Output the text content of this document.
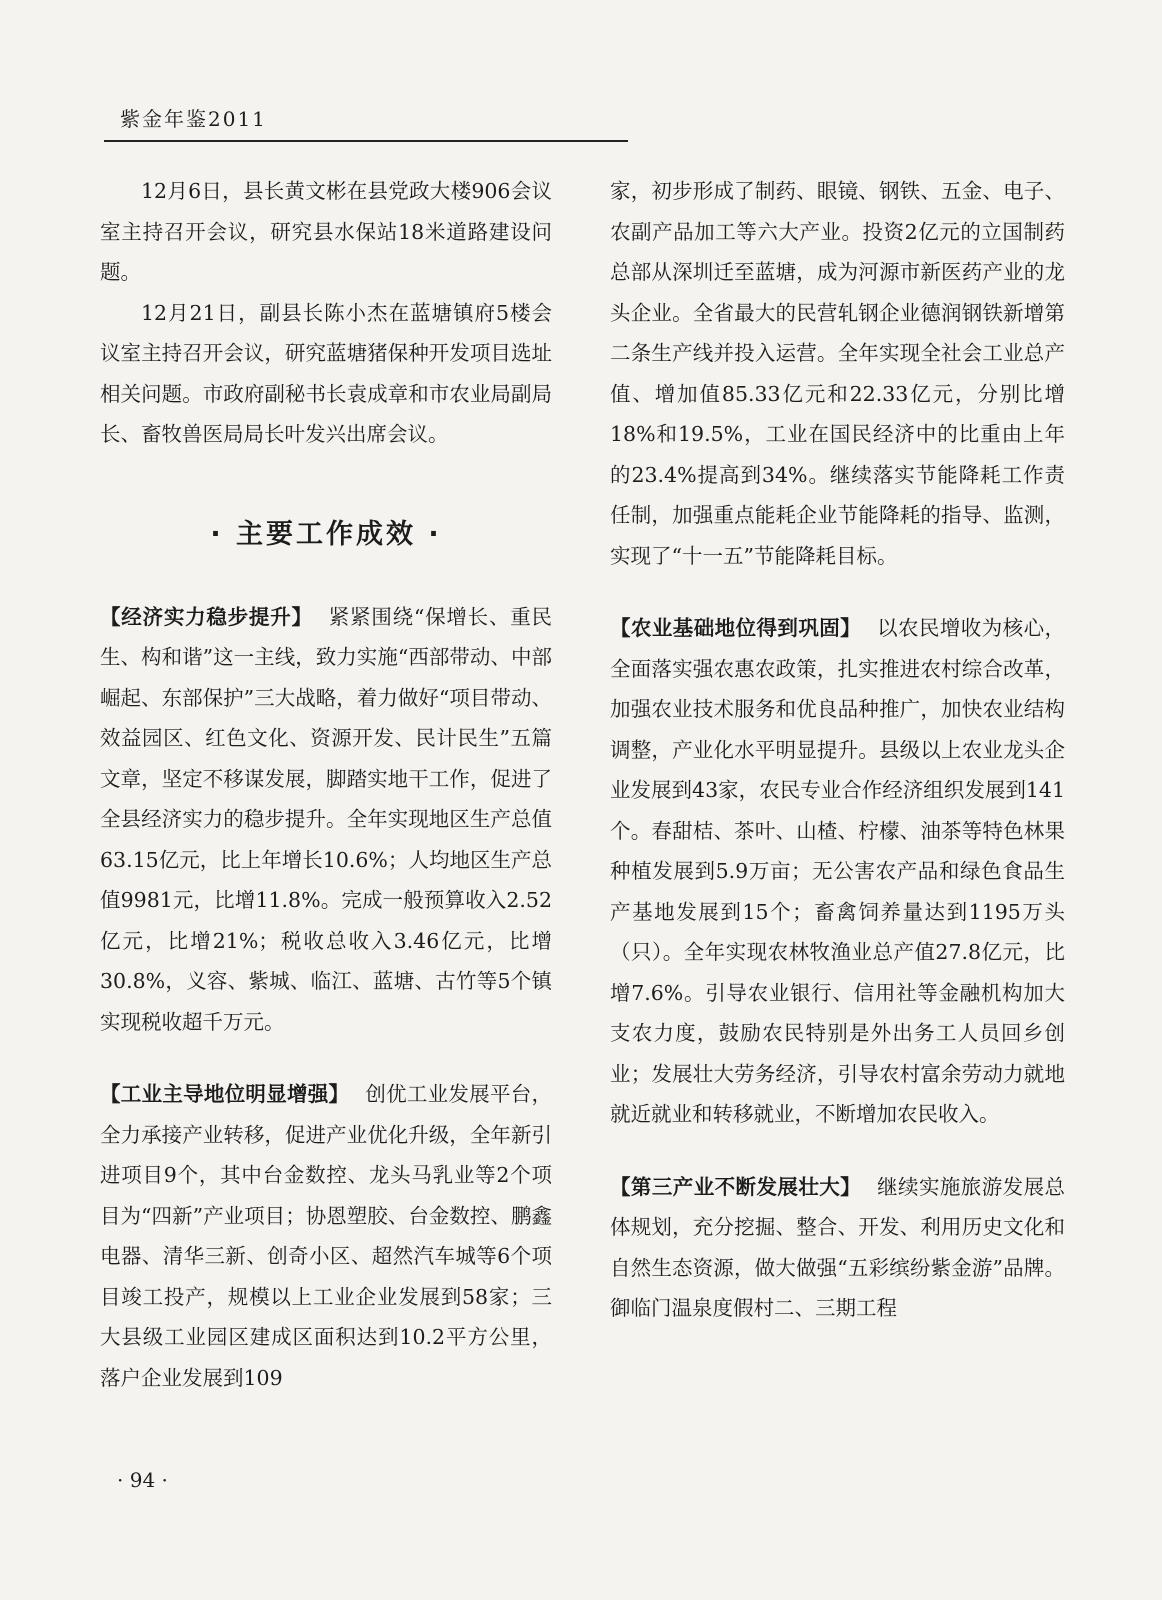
紫金年鉴2011

12月6日，县长黄文彬在县党政大楼906会议室主持召开会议，研究县水保站18米道路建设问题。

12月21日，副县长陈小杰在蓝塘镇府5楼会议室主持召开会议，研究蓝塘猪保种开发项目选址相关问题。市政府副秘书长袁成章和市农业局副局长、畜牧兽医局局长叶发兴出席会议。

· 主要工作成效 ·

【经济实力稳步提升】 紧紧围绕“保增长、重民生、构和谐”这一主线，致力实施“西部带动、中部崛起、东部保护”三大战略，着力做好“项目带动、效益园区、红色文化、资源开发、民计民生”五篇文章，坚定不移谋发展，脚踏实地干工作，促进了全县经济实力的稳步提升。全年实现地区生产总值63.15亿元，比上年增长10.6%；人均地区生产总值9981元，比增11.8%。完成一般预算收入2.52亿元，比增21%；税收总收入3.46亿元，比增30.8%，义容、紫城、临江、蓝塘、古竹等5个镇实现税收超千万元。

【工业主导地位明显增强】 创优工业发展平台，全力承接产业转移，促进产业优化升级，全年新引进项目9个，其中台金数控、龙头马乳业等2个项目为“四新”产业项目；协恩塑胶、台金数控、鹏鑫电器、清华三新、创奇小区、超然汽车城等6个项目竣工投产，规模以上工业企业发展到58家；三大县级工业园区建成区面积达到10.2平方公里，落户企业发展到109

家，初步形成了制药、眼镜、钢铁、五金、电子、农副产品加工等六大产业。投资2亿元的立国制药总部从深圳迁至蓝塘，成为河源市新医药产业的龙头企业。全省最大的民营轧钢企业德润钢铁新增第二条生产线并投入运营。全年实现全社会工业总产值、增加值85.33亿元和22.33亿元，分别比增18%和19.5%，工业在国民经济中的比重由上年的23.4%提高到34%。继续落实节能降耗工作责任制，加强重点能耗企业节能降耗的指导、监测，实现了“十一五”节能降耗目标。

【农业基础地位得到巩固】 以农民增收为核心，全面落实强农惠农政策，扎实推进农村综合改革，加强农业技术服务和优良品种推广，加快农业结构调整，产业化水平明显提升。县级以上农业龙头企业发展到43家，农民专业合作经济组织发展到141个。春甜桔、茶叶、山楂、柠檬、油茶等特色林果种植发展到5.9万亩；无公害农产品和绿色食品生产基地发展到15个；畜禽饲养量达到1195万头（只）。全年实现农林牧渔业总产值27.8亿元，比增7.6%。引导农业银行、信用社等金融机构加大支农力度，鼓励农民特别是外出务工人员回乡创业；发展壮大劳务经济，引导农村富余劳动力就地就近就业和转移就业，不断增加农民收入。

【第三产业不断发展壮大】 继续实施旅游发展总体规划，充分挖掘、整合、开发、利用历史文化和自然生态资源，做大做强“五彩缤纷紫金游”品牌。御临门温泉度假村二、三期工程

· 94 ·
